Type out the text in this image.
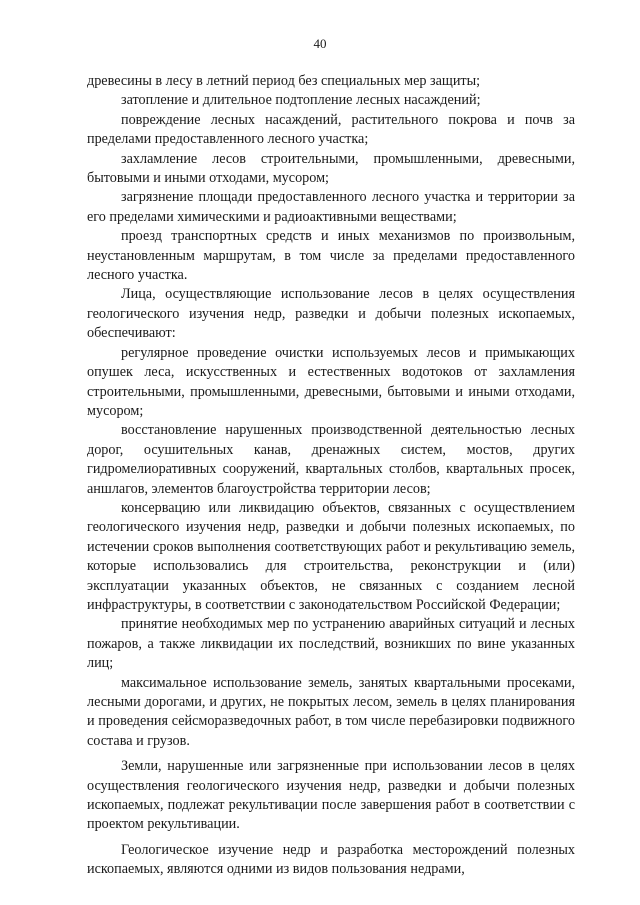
40

древесины в лесу в летний период без специальных мер защиты;

затопление и длительное подтопление лесных насаждений;

повреждение лесных насаждений, растительного покрова и почв за пределами предоставленного лесного участка;

захламление лесов строительными, промышленными, древесными, бытовыми и иными отходами, мусором;

загрязнение площади предоставленного лесного участка и территории за его пределами химическими и радиоактивными веществами;

проезд транспортных средств и иных механизмов по произвольным, неустановленным маршрутам, в том числе за пределами предоставленного лесного участка.

Лица, осуществляющие использование лесов в целях осуществления геологического изучения недр, разведки и добычи полезных ископаемых, обеспечивают:

регулярное проведение очистки используемых лесов и примыкающих опушек леса, искусственных и естественных водотоков от захламления строительными, промышленными, древесными, бытовыми и иными отходами, мусором;

восстановление нарушенных производственной деятельностью лесных дорог, осушительных канав, дренажных систем, мостов, других гидромелиоративных сооружений, квартальных столбов, квартальных просек, аншлагов, элементов благоустройства территории лесов;

консервацию или ликвидацию объектов, связанных с осуществлением геологического изучения недр, разведки и добычи полезных ископаемых, по истечении сроков выполнения соответствующих работ и рекультивацию земель, которые использовались для строительства, реконструкции и (или) эксплуатации указанных объектов, не связанных с созданием лесной инфраструктуры, в соответствии с законодательством Российской Федерации;

принятие необходимых мер по устранению аварийных ситуаций и лесных пожаров, а также ликвидации их последствий, возникших по вине указанных лиц;

максимальное использование земель, занятых квартальными просеками, лесными дорогами, и других, не покрытых лесом, земель в целях планирования и проведения сейсморазведочных работ, в том числе перебазировки подвижного состава и грузов.

Земли, нарушенные или загрязненные при использовании лесов в целях осуществления геологического изучения недр, разведки и добычи полезных ископаемых, подлежат рекультивации после завершения работ в соответствии с проектом рекультивации.

Геологическое изучение недр и разработка месторождений полезных ископаемых, являются одними из видов пользования недрами,
